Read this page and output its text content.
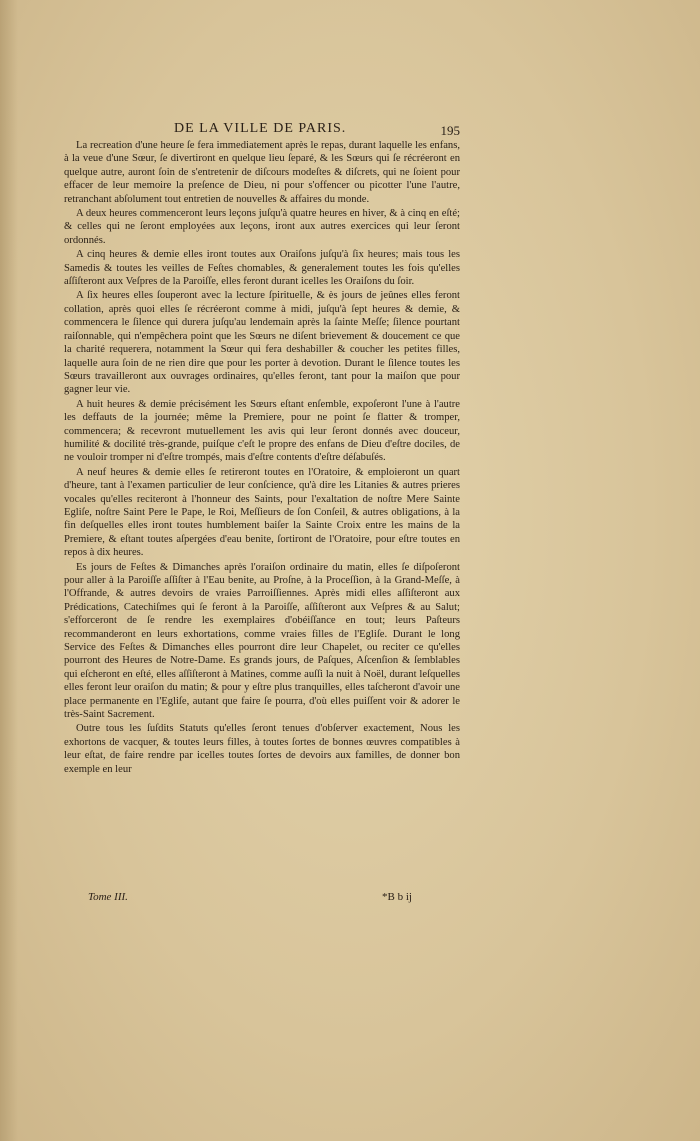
DE LA VILLE DE PARIS.	195

La recreation d'une heure ſe fera immediatement après le repas, durant laquelle les enfans, à la veue d'une Sœur, ſe divertiront en quelque lieu ſeparé, & les Sœurs qui ſe récréeront en quelque autre, auront ſoin de s'entretenir de diſcours modeſtes & diſcrets, qui ne ſoient pour effacer de leur memoire la preſence de Dieu, ni pour s'offencer ou picotter l'une l'autre, retranchant abſolument tout entretien de nouvelles & affaires du monde.

A deux heures commenceront leurs leçons juſqu'à quatre heures en hiver, & à cinq en eſté; & celles qui ne ſeront employées aux leçons, iront aux autres exercices qui leur ſeront ordonnés.

A cinq heures & demie elles iront toutes aux Oraiſons juſqu'à ſix heures; mais tous les Samedis & toutes les veilles de Feſtes chomables, & generalement toutes les fois qu'elles aſſiſteront aux Veſpres de la Paroiſſe, elles feront durant icelles les Oraiſons du ſoir.

A ſix heures elles ſouperont avec la lecture ſpirituelle, & ès jours de jeûnes elles feront collation, après quoi elles ſe récréeront comme à midi, juſqu'à ſept heures & demie, & commencera le ſilence qui durera juſqu'au lendemain après la ſainte Meſſe; ſilence pourtant raiſonnable, qui n'empêchera point que les Sœurs ne diſent brievement & doucement ce que la charité requerera, notamment la Sœur qui fera deshabiller & coucher les petites filles, laquelle aura ſoin de ne rien dire que pour les porter à devotion. Durant le ſilence toutes les Sœurs travailleront aux ouvrages ordinaires, qu'elles feront, tant pour la maiſon que pour gagner leur vie.

A huit heures & demie précisément les Sœurs eſtant enſemble, expoſeront l'une à l'autre les deffauts de la journée; même la Premiere, pour ne point ſe flatter & tromper, commencera; & recevront mutuellement les avis qui leur ſeront donnés avec douceur, humilité & docilité très-grande, puiſque c'eſt le propre des enfans de Dieu d'eſtre dociles, de ne vouloir tromper ni d'eſtre trompés, mais d'eſtre contents d'eſtre déſabuſés.

A neuf heures & demie elles ſe retireront toutes en l'Oratoire, & emploieront un quart d'heure, tant à l'examen particulier de leur conſcience, qu'à dire les Litanies & autres prieres vocales qu'elles reciteront à l'honneur des Saints, pour l'exaltation de noſtre Mere Sainte Egliſe, noſtre Saint Pere le Pape, le Roi, Meſſieurs de ſon Conſeil, & autres obligations, à la fin deſquelles elles iront toutes humblement baiſer la Sainte Croix entre les mains de la Premiere, & eſtant toutes aſpergées d'eau benite, ſortiront de l'Oratoire, pour eſtre toutes en repos à dix heures.

Es jours de Feſtes & Dimanches après l'oraiſon ordinaire du matin, elles ſe diſpoſeront pour aller à la Paroiſſe aſſiſter à l'Eau benite, au Proſne, à la Proceſſion, à la Grand-Meſſe, à l'Offrande, & autres devoirs de vraies Parroiſſiennes. Après midi elles aſſiſteront aux Prédications, Catechiſmes qui ſe feront à la Paroiſſe, aſſiſteront aux Veſpres & au Salut; s'efforceront de ſe rendre les exemplaires d'obéiſſance en tout; leurs Paſteurs recommanderont en leurs exhortations, comme vraies filles de l'Egliſe. Durant le long Service des Feſtes & Dimanches elles pourront dire leur Chapelet, ou reciter ce qu'elles pourront des Heures de Notre-Dame. Es grands jours, de Paſques, Aſcenſion & ſemblables qui eſcheront en eſté, elles aſſiſteront à Matines, comme auſſi la nuit à Noël, durant leſquelles elles feront leur oraiſon du matin; & pour y eſtre plus tranquilles, elles taſcheront d'avoir une place permanente en l'Egliſe, autant que faire ſe pourra, d'où elles puiſſent voir & adorer le très-Saint Sacrement.

Outre tous les ſuſdits Statuts qu'elles ſeront tenues d'obſerver exactement, Nous les exhortons de vacquer, & toutes leurs filles, à toutes ſortes de bonnes œuvres compatibles à leur eſtat, de faire rendre par icelles toutes ſortes de devoirs aux familles, de donner bon exemple en leur

Tome III.	*B b ij
